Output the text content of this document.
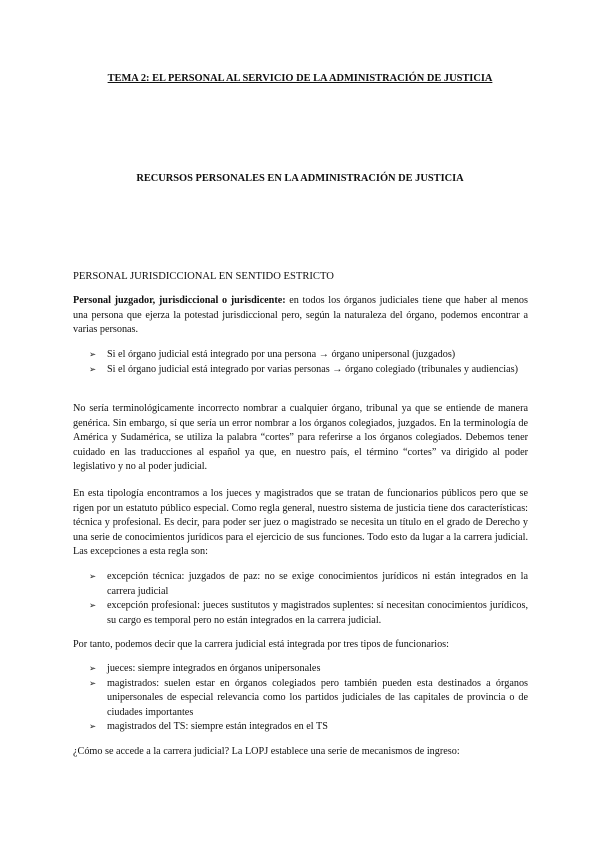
TEMA 2: EL PERSONAL AL SERVICIO DE LA ADMINISTRACIÓN DE JUSTICIA
RECURSOS PERSONALES EN LA ADMINISTRACIÓN DE JUSTICIA
PERSONAL JURISDICCIONAL EN SENTIDO ESTRICTO

Personal juzgador, jurisdiccional o jurisdicente: en todos los órganos judiciales tiene que haber al menos una persona que ejerza la potestad jurisdiccional pero, según la naturaleza del órgano, podemos encontrar a varias personas.

➢ Si el órgano judicial está integrado por una persona → órgano unipersonal (juzgados)
➢ Si el órgano judicial está integrado por varias personas → órgano colegiado (tribunales y audiencias)

No sería terminológicamente incorrecto nombrar a cualquier órgano, tribunal ya que se entiende de manera genérica. Sin embargo, sí que sería un error nombrar a los órganos colegiados, juzgados. En la terminología de América y Sudamérica, se utiliza la palabra “cortes” para referirse a los órganos colegiados. Debemos tener cuidado en las traducciones al español ya que, en nuestro país, el término “cortes” va dirigido al poder legislativo y no al poder judicial.

En esta tipología encontramos a los jueces y magistrados que se tratan de funcionarios públicos pero que se rigen por un estatuto público especial. Como regla general, nuestro sistema de justicia tiene dos características: técnica y profesional. Es decir, para poder ser juez o magistrado se necesita un título en el grado de Derecho y una serie de conocimientos jurídicos para el ejercicio de sus funciones. Todo esto da lugar a la carrera judicial. Las excepciones a esta regla son:

➢ excepción técnica: juzgados de paz: no se exige conocimientos jurídicos ni están integrados en la carrera judicial
➢ excepción profesional: jueces sustitutos y magistrados suplentes: sí necesitan conocimientos jurídicos, su cargo es temporal pero no están integrados en la carrera judicial.

Por tanto, podemos decir que la carrera judicial está integrada por tres tipos de funcionarios:

➢ jueces: siempre integrados en órganos unipersonales
➢ magistrados: suelen estar en órganos colegiados pero también pueden esta destinados a órganos unipersonales de especial relevancia como los partidos judiciales de las capitales de provincia o de ciudades importantes
➢ magistrados del TS: siempre están integrados en el TS

¿Cómo se accede a la carrera judicial? La LOPJ establece una serie de mecanismos de ingreso:
